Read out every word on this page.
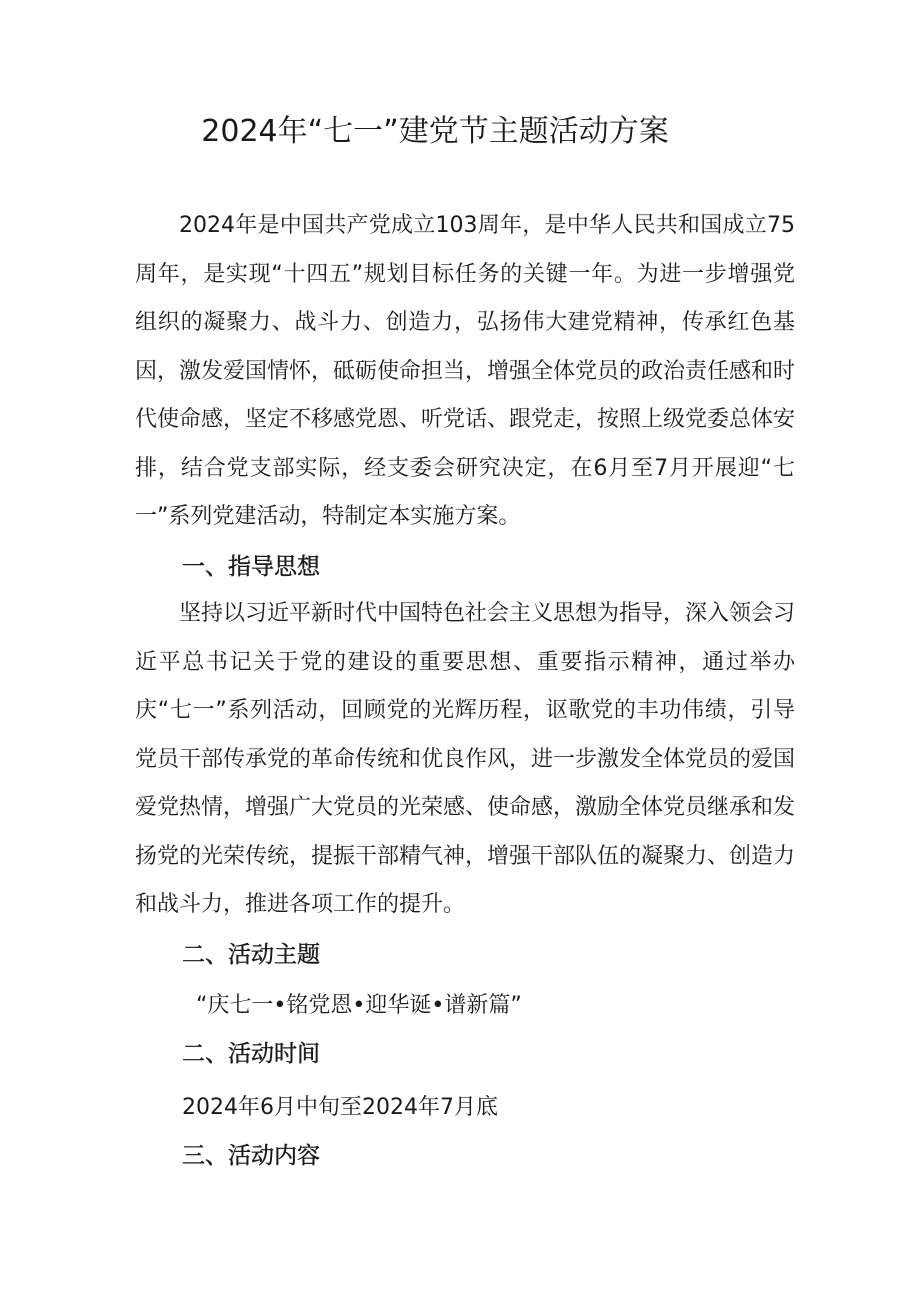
2024年“七一”建党节主题活动方案

2024年是中国共产党成立103周年，是中华人民共和国成立75周年，是实现“十四五”规划目标任务的关键一年。为进一步增强党组织的凝聚力、战斗力、创造力，弘扬伟大建党精神，传承红色基因，激发爱国情怀，砥砺使命担当，增强全体党员的政治责任感和时代使命感，坚定不移感党恩、听党话、跟党走，按照上级党委总体安排，结合党支部实际，经支委会研究决定，在6月至7月开展迎“七一”系列党建活动，特制定本实施方案。

一、指导思想

坚持以习近平新时代中国特色社会主义思想为指导，深入领会习近平总书记关于党的建设的重要思想、重要指示精神，通过举办庆“七一”系列活动，回顾党的光辉历程，讴歌党的丰功伟绩，引导党员干部传承党的革命传统和优良作风，进一步激发全体党员的爱国爱党热情，增强广大党员的光荣感、使命感，激励全体党员继承和发扬党的光荣传统，提振干部精气神，增强干部队伍的凝聚力、创造力和战斗力，推进各项工作的提升。

二、活动主题

“庆七一•铭党恩•迎华诞•谱新篇”

二、活动时间

2024年6月中旬至2024年7月底

三、活动内容
